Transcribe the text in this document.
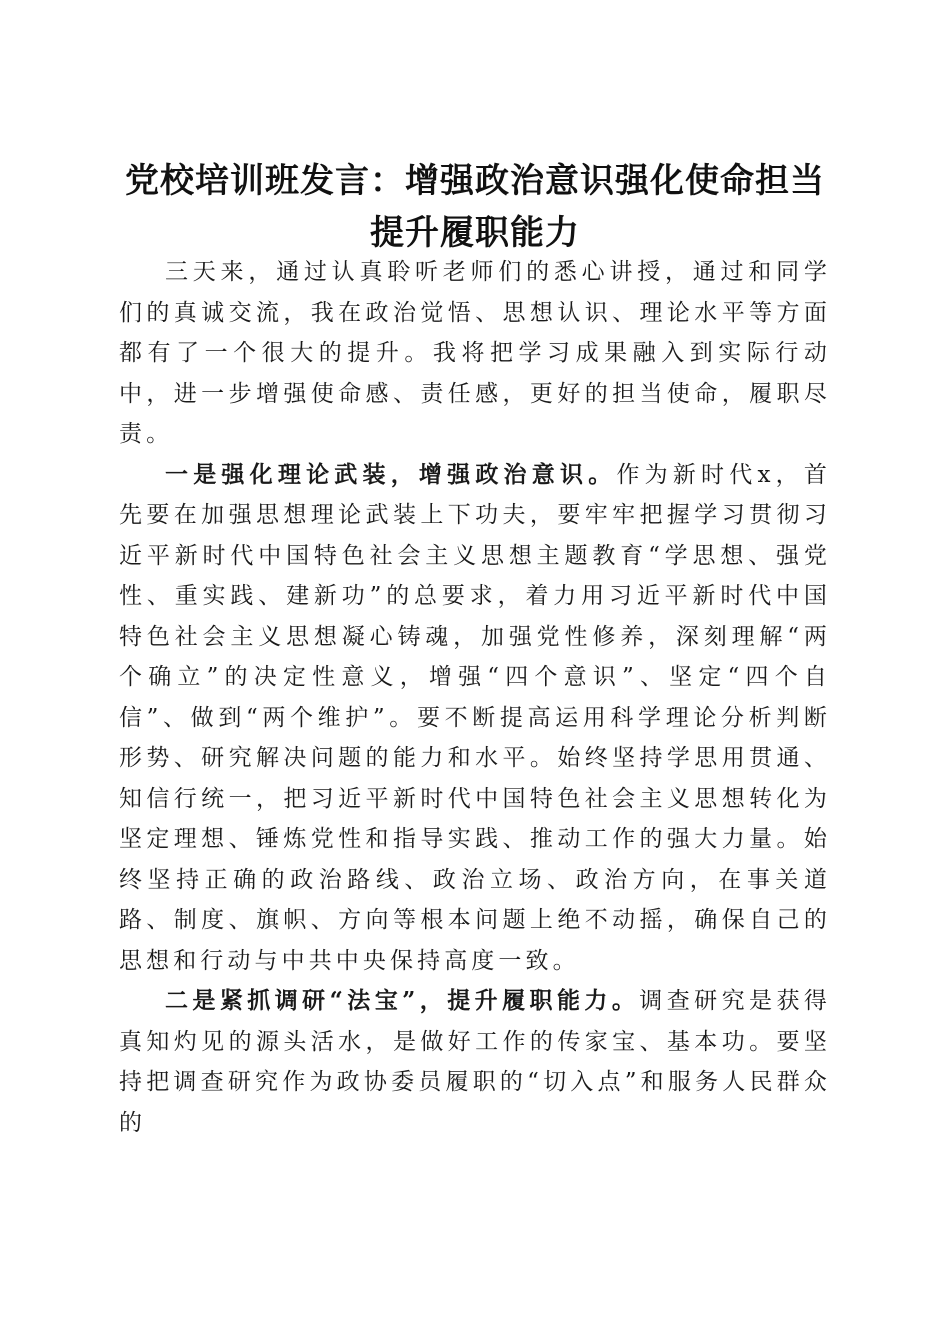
党校培训班发言：增强政治意识强化使命担当
提升履职能力

三天来，通过认真聆听老师们的悉心讲授，通过和同学们的真诚交流，我在政治觉悟、思想认识、理论水平等方面都有了一个很大的提升。我将把学习成果融入到实际行动中，进一步增强使命感、责任感，更好的担当使命，履职尽责。

一是强化理论武装，增强政治意识。作为新时代x，首先要在加强思想理论武装上下功夫，要牢牢把握学习贯彻习近平新时代中国特色社会主义思想主题教育“学思想、强党性、重实践、建新功”的总要求，着力用习近平新时代中国特色社会主义思想凝心铸魂，加强党性修养，深刻理解“两个确立”的决定性意义，增强“四个意识”、坚定“四个自信”、做到“两个维护”。要不断提高运用科学理论分析判断形势、研究解决问题的能力和水平。始终坚持学思用贯通、知信行统一，把习近平新时代中国特色社会主义思想转化为坚定理想、锤炼党性和指导实践、推动工作的强大力量。始终坚持正确的政治路线、政治立场、政治方向，在事关道路、制度、旗帜、方向等根本问题上绝不动摇，确保自己的思想和行动与中共中央保持高度一致。

二是紧抓调研“法宝”，提升履职能力。调查研究是获得真知灼见的源头活水，是做好工作的传家宝、基本功。要坚持把调查研究作为政协委员履职的“切入点”和服务人民群众的
